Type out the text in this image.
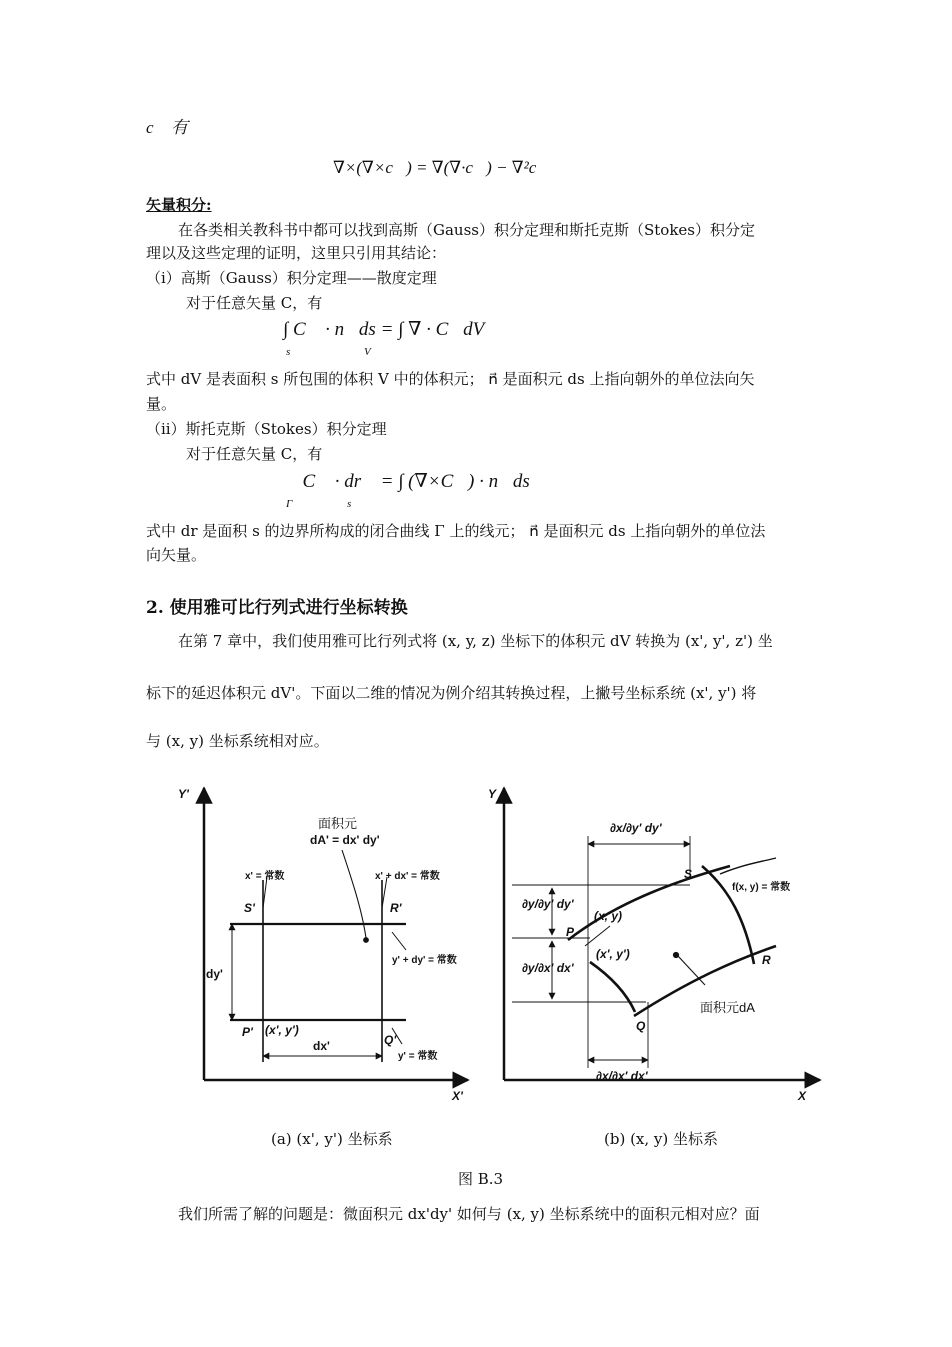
c⃗ 有
∇×(∇×c⃗) = ∇(∇·c⃗) − ∇²c⃗
矢量积分:
在各类相关教科书中都可以找到高斯（Gauss）积分定理和斯托克斯（Stokes）积分定
理以及这些定理的证明，这里只引用其结论：
（i）高斯（Gauss）积分定理——散度定理
对于任意矢量 C，有
∫ C⃗ · n⃗ds = ∫ ∇ · C⃗dV
s	V
式中 dV 是表面积 s 所包围的体积 V 中的体积元； n⃗ 是面积元 ds 上指向朝外的单位法向矢
量。
（ii）斯托克斯（Stokes）积分定理
对于任意矢量 C，有
∮ C⃗ · dr⃗ = ∫ (∇×C⃗) · n⃗ds
Γ	s
式中 dr 是面积 s 的边界所构成的闭合曲线 Γ 上的线元； n⃗ 是面积元 ds 上指向朝外的单位法
向矢量。
2. 使用雅可比行列式进行坐标转换
在第 7 章中，我们使用雅可比行列式将 (x, y, z) 坐标下的体积元 dV 转换为 (x', y', z') 坐
标下的延迟体积元 dV'。下面以二维的情况为例介绍其转换过程，上撇号坐标系统 (x', y') 将
与 (x, y) 坐标系统相对应。
Y'
X'
面积元
dA' = dx' dy'
x' = 常数	x' + dx' = 常数
S'	R'
y' + dy' = 常数
dy'
P' (x', y')
Q'
dx'
y' = 常数
Y
X
∂x/∂y' dy'
S
f(x, y) = 常数
∂y/∂y' dy'
(x, y)
P
(x', y')
∂y/∂x' dx'
R
面积元dA
Q
∂x/∂x' dx'
(a) (x', y') 坐标系	(b) (x, y) 坐标系
图 B.3
我们所需了解的问题是：微面积元 dx'dy' 如何与 (x, y) 坐标系统中的面积元相对应？面
